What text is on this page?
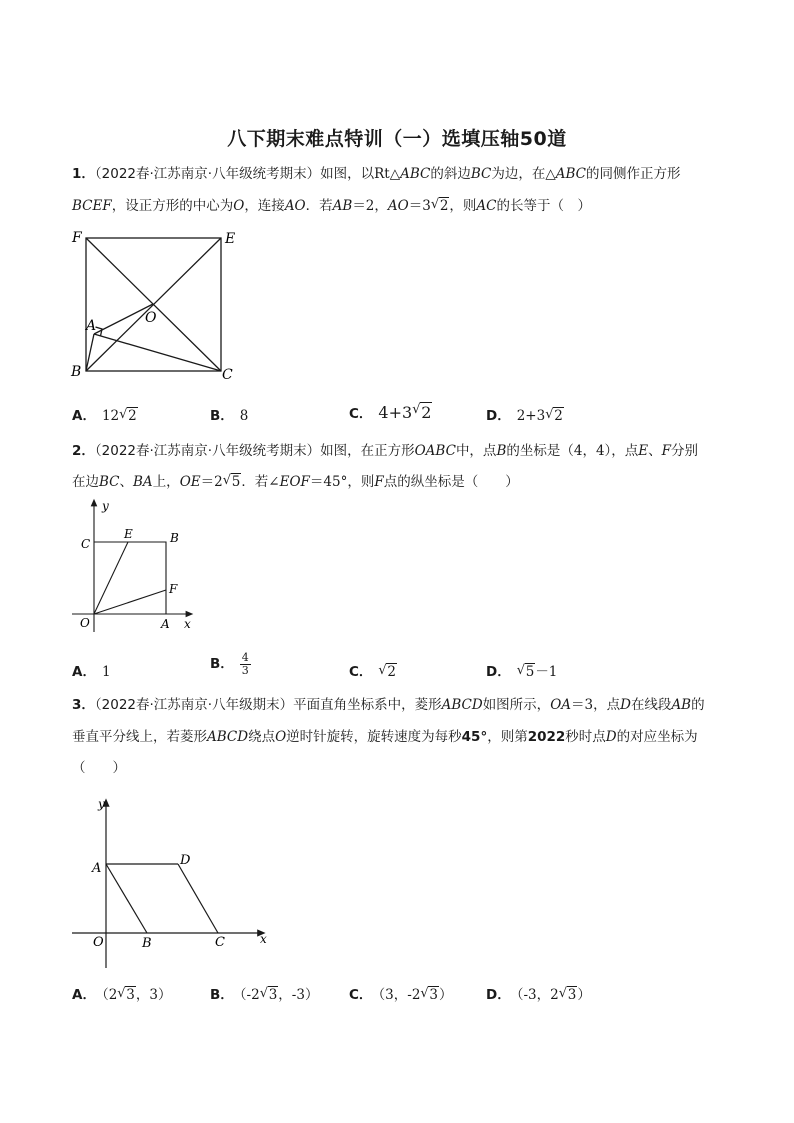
八下期末难点特训（一）选填压轴50道
1．（2022春·江苏南京·八年级统考期末）如图，以Rt△ABC的斜边BC为边，在△ABC的同侧作正方形
BCEF，设正方形的中心为O，连接AO．若AB＝2，AO＝3 √ 2，则AC的长等于（　）
F	E
A	O
B	C
A． 12 √ 2	B． 8	C． 4+3 √ 2	D． 2+3 √ 2
2．（2022春·江苏南京·八年级统考期末）如图，在正方形OABC中，点B的坐标是（4，4），点E、F分别
在边BC、BA上，OE＝2 √ 5．若∠EOF＝45°，则F点的纵坐标是（　　）
y
C
E	B
F
O	A x
A． 1	B． $\frac{4}{3}$	C． √ 2	D． √ 5－1
3．（2022春·江苏南京·八年级期末）平面直角坐标系中，菱形ABCD如图所示，OA＝3，点D在线段AB的
垂直平分线上，若菱形ABCD绕点O逆时针旋转，旋转速度为每秒45°，则第2022秒时点D的对应坐标为
（　　）
y
A
D
O	B	C	x
A． （2 √ 3，3）	B． （-2 √ 3，-3） C． （3，-2 √ 3） D． （-3，2 √ 3）
